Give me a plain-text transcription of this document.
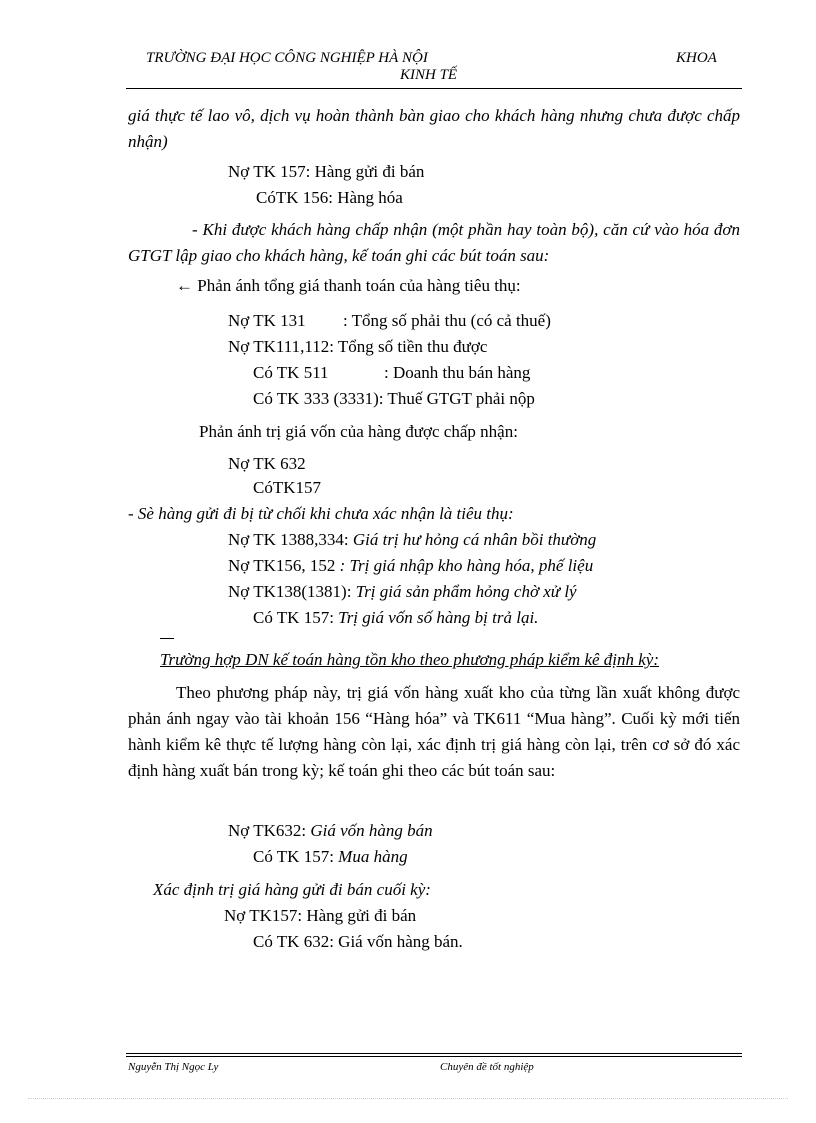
TRƯỜNG ĐẠI HỌC CÔNG NGHIỆP HÀ NỘI	KHOA
KINH TẾ
giá thực tế lao vô, dịch vụ hoàn thành bàn giao cho khách hàng nhưng chưa được chấp nhận)
Nợ TK 157: Hàng gửi đi bán
CóTK 156: Hàng hóa
- Khi được khách hàng chấp nhận (một phần hay toàn bộ), căn cứ vào hóa đơn GTGT lập giao cho khách hàng, kế toán ghi các bút toán sau:
← Phản ánh tổng giá thanh toán của hàng tiêu thụ:
Nợ TK 131 : Tổng số phải thu (có cả thuế)
Nợ TK111,112: Tổng số tiền thu được
Có TK 511	: Doanh thu bán hàng
Có TK 333 (3331): Thuế GTGT phải nộp
Phản ánh trị giá vốn của hàng được chấp nhận:
Nợ TK 632
CóTK157
- Sè hàng gửi đi bị từ chối khi chưa xác nhận là tiêu thụ:
Nợ TK 1388,334: Giá trị hư hỏng cá nhân bồi thường
Nợ TK156, 152 : Trị giá nhập kho hàng hóa, phế liệu
Nợ TK138(1381): Trị giá sản phẩm hỏng chờ xử lý
Có TK 157: Trị giá vốn số hàng bị trả lại.
Trường hợp DN kế toán hàng tồn kho theo phương pháp kiểm kê định kỳ:
Theo phương pháp này, trị giá vốn hàng xuất kho của từng lần xuất không được phản ánh ngay vào tài khoản 156 “Hàng hóa” và TK611 “Mua hàng”. Cuối kỳ mới tiến hành kiểm kê thực tế lượng hàng còn lại, xác định trị giá hàng còn lại, trên cơ sở đó xác định hàng xuất bán trong kỳ; kế toán ghi theo các bút toán sau:
Nợ TK632: Giá vốn hàng bán
Có TK 157: Mua hàng
Xác định trị giá hàng gửi đi bán cuối kỳ:
Nợ TK157: Hàng gửi đi bán
Có TK 632: Giá vốn hàng bán.
Nguyễn Thị Ngọc Ly	Chuyên đề tốt nghiệp
